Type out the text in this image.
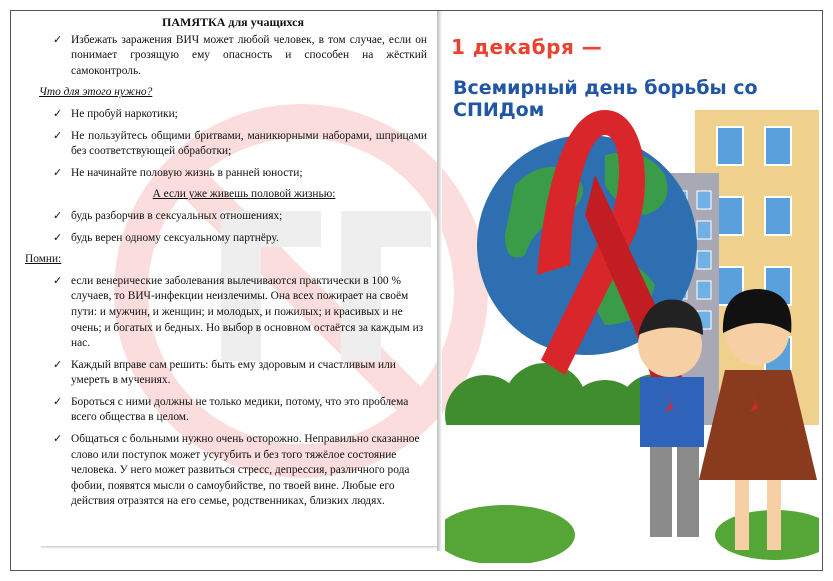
ПАМЯТКА для учащихся
✓ Избежать заражения ВИЧ может любой человек, в том случае, если он понимает грозящую ему опасность и способен на жёсткий самоконтроль.
Что для этого нужно?
✓ Не пробуй наркотики;
✓ Не пользуйтесь общими бритвами, маникюрными наборами, шприцами без соответствующей обработки;
✓ Не начинайте половую жизнь в ранней юности;
А если уже живешь половой жизнью:
✓ будь разборчив в сексуальных отношениях;
✓ будь верен одному сексуальному партнёру.
Помни:
✓ если венерические заболевания вылечиваются практически в 100 % случаев, то ВИЧ-инфекции неизлечимы. Она всех пожирает на своём пути: и мужчин, и женщин; и молодых, и пожилых; и красивых и не очень; и богатых и бедных. Но выбор в основном остаётся за каждым из нас.
✓ Каждый вправе сам решить: быть ему здоровым и счастливым или умереть в мучениях.
✓ Бороться с ними должны не только медики, потому, что это проблема всего общества в целом.
✓ Общаться с больными нужно очень осторожно. Неправильно сказанное слово или поступок может усугубить и без того тяжёлое состояние человека. У него может развиться стресс, депрессия, различного рода фобии, появятся мысли о самоубийстве, по твоей вине. Любые его действия отразятся на его семье, родственниках, близких людях.
1 декабря —
Всемирный день борьбы со СПИДом
